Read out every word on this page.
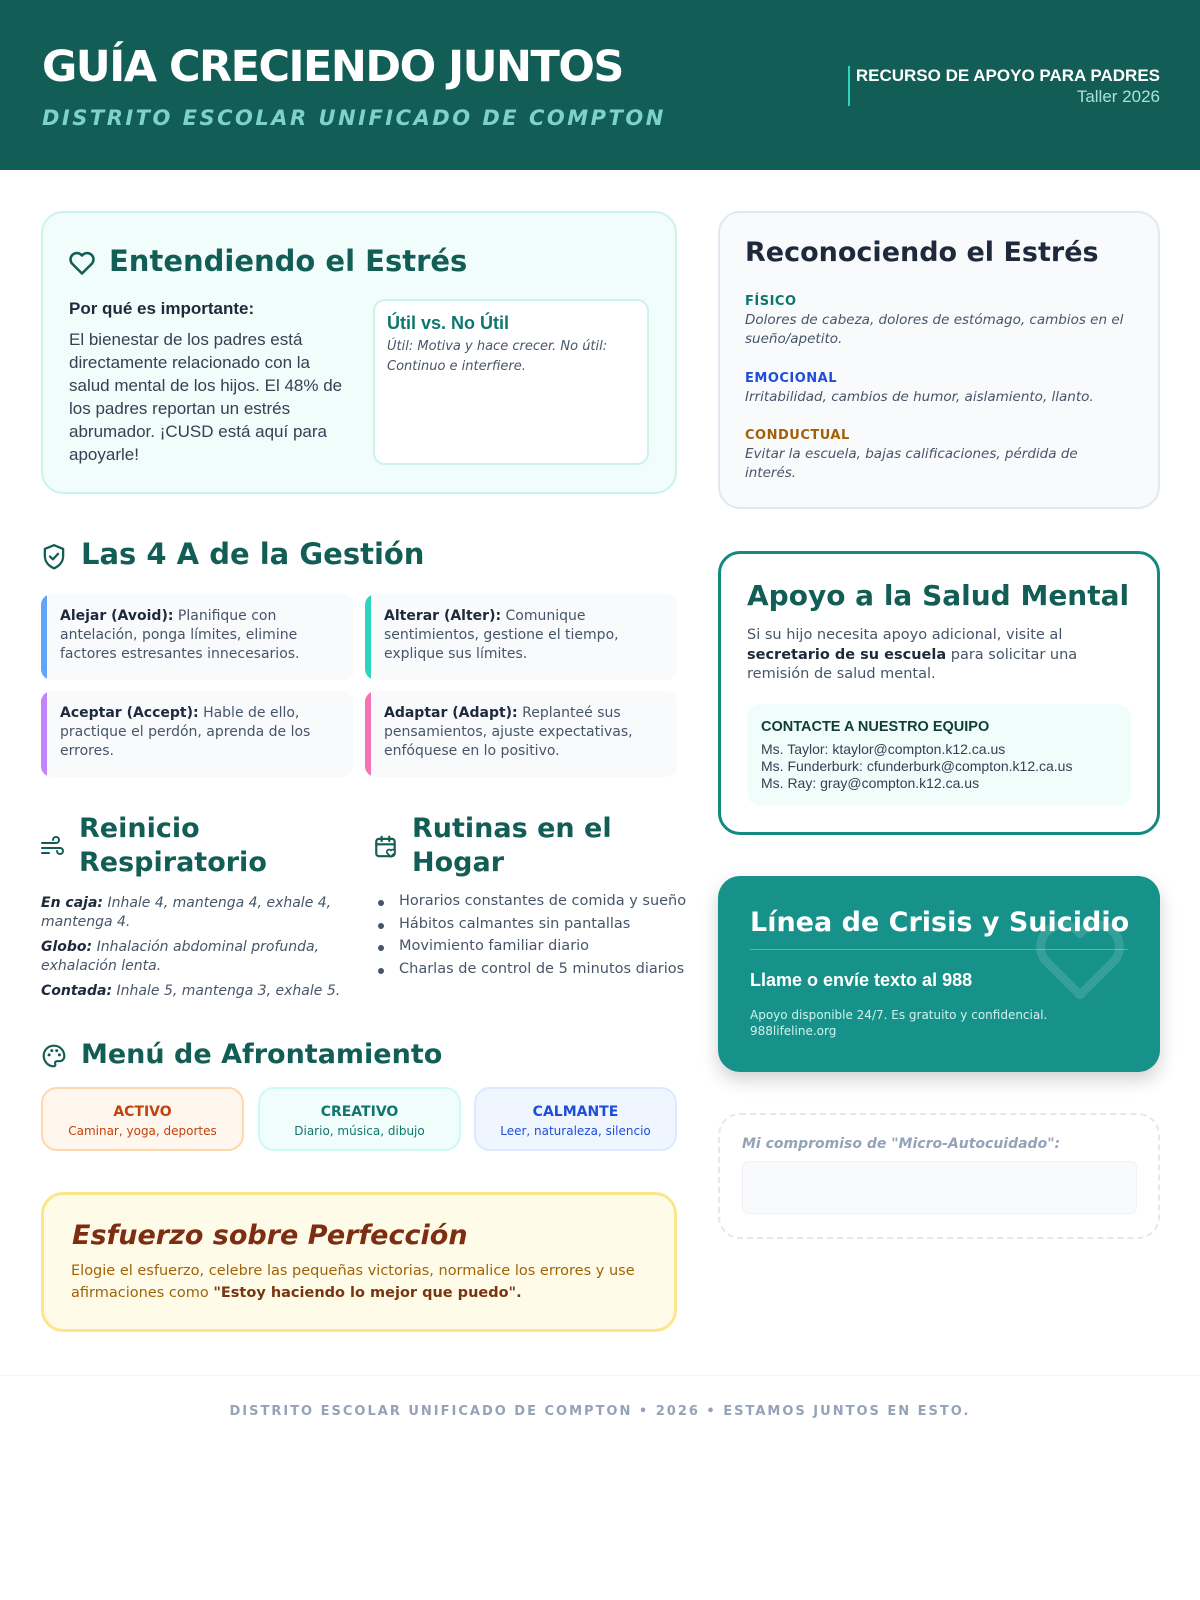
GUÍA CRECIENDO JUNTOS
DISTRITO ESCOLAR UNIFICADO DE COMPTON
RECURSO DE APOYO PARA PADRES
Taller 2026
Entendiendo el Estrés
Por qué es importante:
El bienestar de los padres está directamente relacionado con la salud mental de los hijos. El 48% de los padres reportan un estrés abrumador. ¡CUSD está aquí para apoyarle!
Útil vs. No Útil
Útil: Motiva y hace crecer. No útil: Continuo e interfiere.
Reconociendo el Estrés
FÍSICO
Dolores de cabeza, dolores de estómago, cambios en el sueño/apetito.
EMOCIONAL
Irritabilidad, cambios de humor, aislamiento, llanto.
CONDUCTUAL
Evitar la escuela, bajas calificaciones, pérdida de interés.
Las 4 A de la Gestión
Alejar (Avoid): Planifique con antelación, ponga límites, elimine factores estresantes innecesarios.
Alterar (Alter): Comunique sentimientos, gestione el tiempo, explique sus límites.
Aceptar (Accept): Hable de ello, practique el perdón, aprenda de los errores.
Adaptar (Adapt): Replanteé sus pensamientos, ajuste expectativas, enfóquese en lo positivo.
Reinicio
Respiratorio
En caja: Inhale 4, mantenga 4, exhale 4, mantenga 4.
Globo: Inhalación abdominal profunda, exhalación lenta.
Contada: Inhale 5, mantenga 3, exhale 5.
Rutinas en el
Hogar
Horarios constantes de comida y sueño
Hábitos calmantes sin pantallas
Movimiento familiar diario
Charlas de control de 5 minutos diarios
Menú de Afrontamiento
ACTIVO
Caminar, yoga, deportes
CREATIVO
Diario, música, dibujo
CALMANTE
Leer, naturaleza, silencio
Esfuerzo sobre Perfección
Elogie el esfuerzo, celebre las pequeñas victorias, normalice los errores y use afirmaciones como "Estoy haciendo lo mejor que puedo".
Apoyo a la Salud Mental
Si su hijo necesita apoyo adicional, visite al secretario de su escuela para solicitar una remisión de salud mental.
CONTACTE A NUESTRO EQUIPO
Ms. Taylor: ktaylor@compton.k12.ca.us
Ms. Funderburk: cfunderburk@compton.k12.ca.us
Ms. Ray: gray@compton.k12.ca.us
Línea de Crisis y Suicidio
Llame o envíe texto al 988
Apoyo disponible 24/7. Es gratuito y confidencial.
988lifeline.org
Mi compromiso de "Micro-Autocuidado":
DISTRITO ESCOLAR UNIFICADO DE COMPTON • 2026 • ESTAMOS JUNTOS EN ESTO.
